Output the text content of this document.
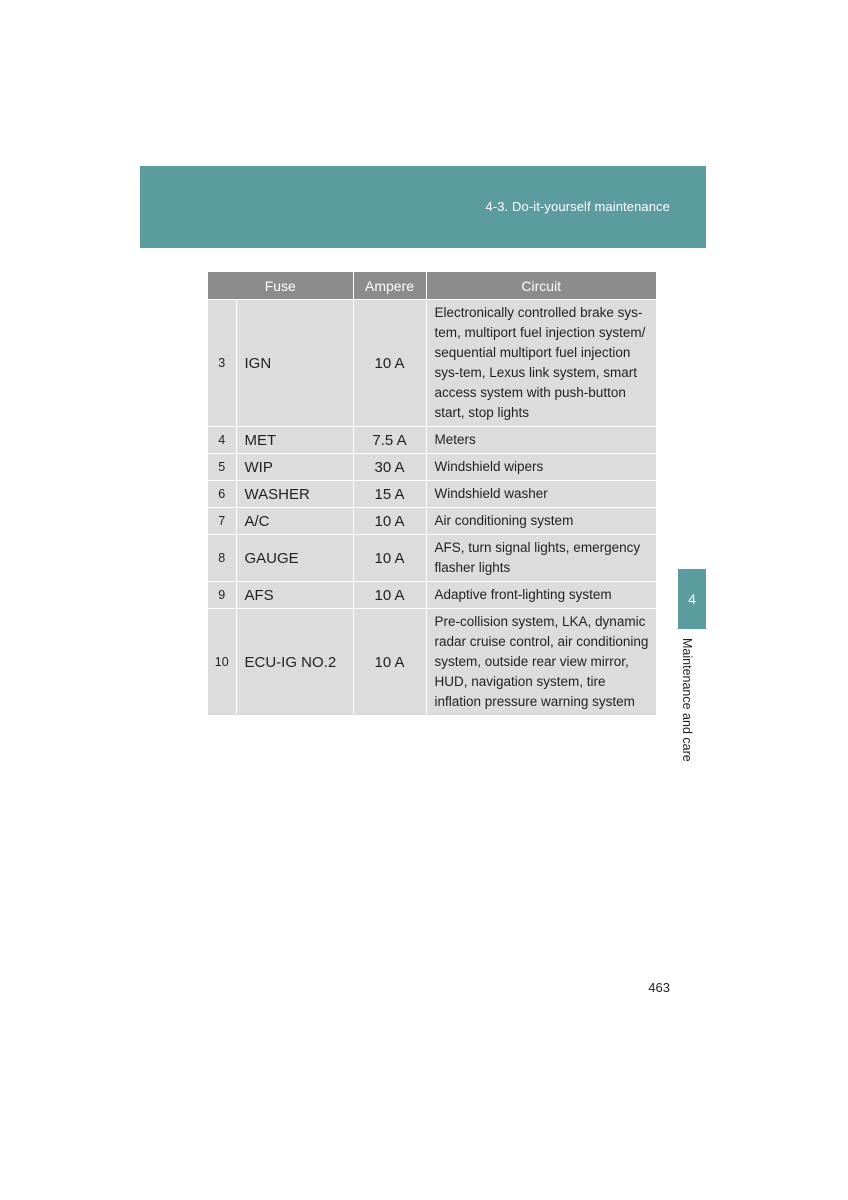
4-3. Do-it-yourself maintenance
Fuse		Ampere	Circuit
3	IGN	10 A	Electronically controlled brake sys-tem, multiport fuel injection system/ sequential multiport fuel injection sys-tem, Lexus link system, smart access system with push-button start, stop lights
4	MET	7.5 A	Meters
5	WIP	30 A	Windshield wipers
6	WASHER	15 A	Windshield washer
7	A/C	10 A	Air conditioning system
8	GAUGE	10 A	AFS, turn signal lights, emergency flasher lights
9	AFS	10 A	Adaptive front-lighting system
10	ECU-IG NO.2	10 A	Pre-collision system, LKA, dynamic radar cruise control, air conditioning system, outside rear view mirror, HUD, navigation system, tire inflation pressure warning system
4
Maintenance and care
463
